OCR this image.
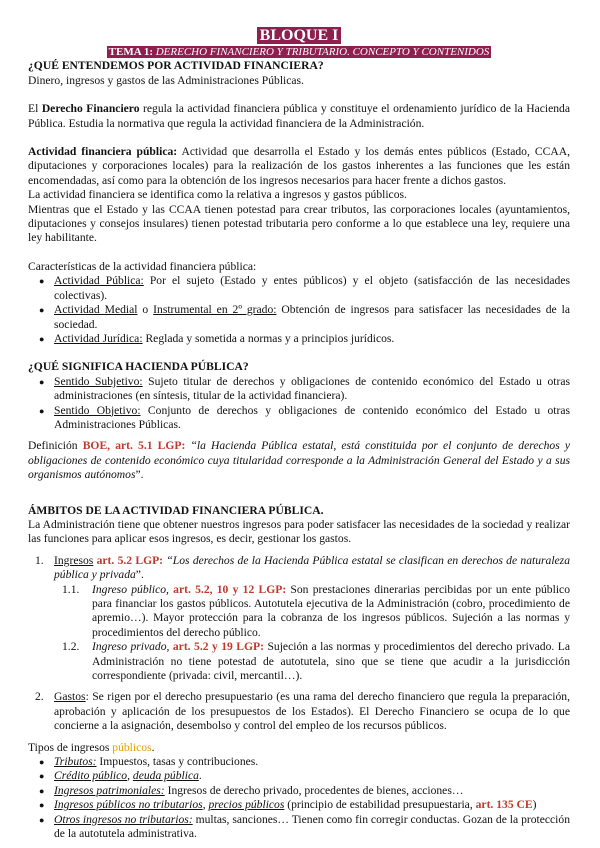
BLOQUE I
TEMA 1: DERECHO FINANCIERO Y TRIBUTARIO. CONCEPTO Y CONTENIDOS
¿QUÉ ENTENDEMOS POR ACTIVIDAD FINANCIERA?

Dinero, ingresos y gastos de las Administraciones Públicas.

El Derecho Financiero regula la actividad financiera pública y constituye el ordenamiento jurídico de la Hacienda Pública. Estudia la normativa que regula la actividad financiera de la Administración.

Actividad financiera pública: Actividad que desarrolla el Estado y los demás entes públicos (Estado, CCAA, diputaciones y corporaciones locales) para la realización de los gastos inherentes a las funciones que les están encomendadas, así como para la obtención de los ingresos necesarios para hacer frente a dichos gastos.

La actividad financiera se identifica como la relativa a ingresos y gastos públicos.

Mientras que el Estado y las CCAA tienen potestad para crear tributos, las corporaciones locales (ayuntamientos, diputaciones y consejos insulares) tienen potestad tributaria pero conforme a lo que establece una ley, requiere una ley habilitante.

Características de la actividad financiera pública:

● Actividad Pública: Por el sujeto (Estado y entes públicos) y el objeto (satisfacción de las necesidades colectivas).
● Actividad Medial o Instrumental en 2º grado: Obtención de ingresos para satisfacer las necesidades de la sociedad.
● Actividad Jurídica: Reglada y sometida a normas y a principios jurídicos.
¿QUÉ SIGNIFICA HACIENDA PÚBLICA?
● Sentido Subjetivo: Sujeto titular de derechos y obligaciones de contenido económico del Estado u otras administraciones (en síntesis, titular de la actividad financiera).
● Sentido Objetivo: Conjunto de derechos y obligaciones de contenido económico del Estado u otras Administraciones Públicas.

Definición BOE, art. 5.1 LGP: “la Hacienda Pública estatal, está constituida por el conjunto de derechos y obligaciones de contenido económico cuya titularidad corresponde a la Administración General del Estado y a sus organismos autónomos”.

ÁMBITOS DE LA ACTIVIDAD FINANCIERA PÚBLICA.

La Administración tiene que obtener nuestros ingresos para poder satisfacer las necesidades de la sociedad y realizar las funciones para aplicar esos ingresos, es decir, gestionar los gastos.

1. Ingresos art. 5.2 LGP: “Los derechos de la Hacienda Pública estatal se clasifican en derechos de naturaleza pública y privada”.
1.1. Ingreso público, art. 5.2, 10 y 12 LGP: Son prestaciones dinerarias percibidas por un ente público para financiar los gastos públicos. Autotutela ejecutiva de la Administración (cobro, procedimiento de apremio…). Mayor protección para la cobranza de los ingresos públicos. Sujeción a las normas y procedimientos del derecho público.
1.2. Ingreso privado, art. 5.2 y 19 LGP: Sujeción a las normas y procedimientos del derecho privado. La Administración no tiene potestad de autotutela, sino que se tiene que acudir a la jurisdicción correspondiente (privada: civil, mercantil…).
2. Gastos: Se rigen por el derecho presupuestario (es una rama del derecho financiero que regula la preparación, aprobación y aplicación de los presupuestos de los Estados). El Derecho Financiero se ocupa de lo que concierne a la asignación, desembolso y control del empleo de los recursos públicos.

Tipos de ingresos públicos.

● Tributos: Impuestos, tasas y contribuciones.
● Crédito público, deuda pública.
● Ingresos patrimoniales: Ingresos de derecho privado, procedentes de bienes, acciones…
● Ingresos públicos no tributarios, precios públicos (principio de estabilidad presupuestaria, art. 135 CE)
● Otros ingresos no tributarios: multas, sanciones… Tienen como fin corregir conductas. Gozan de la protección de la autotutela administrativa.
